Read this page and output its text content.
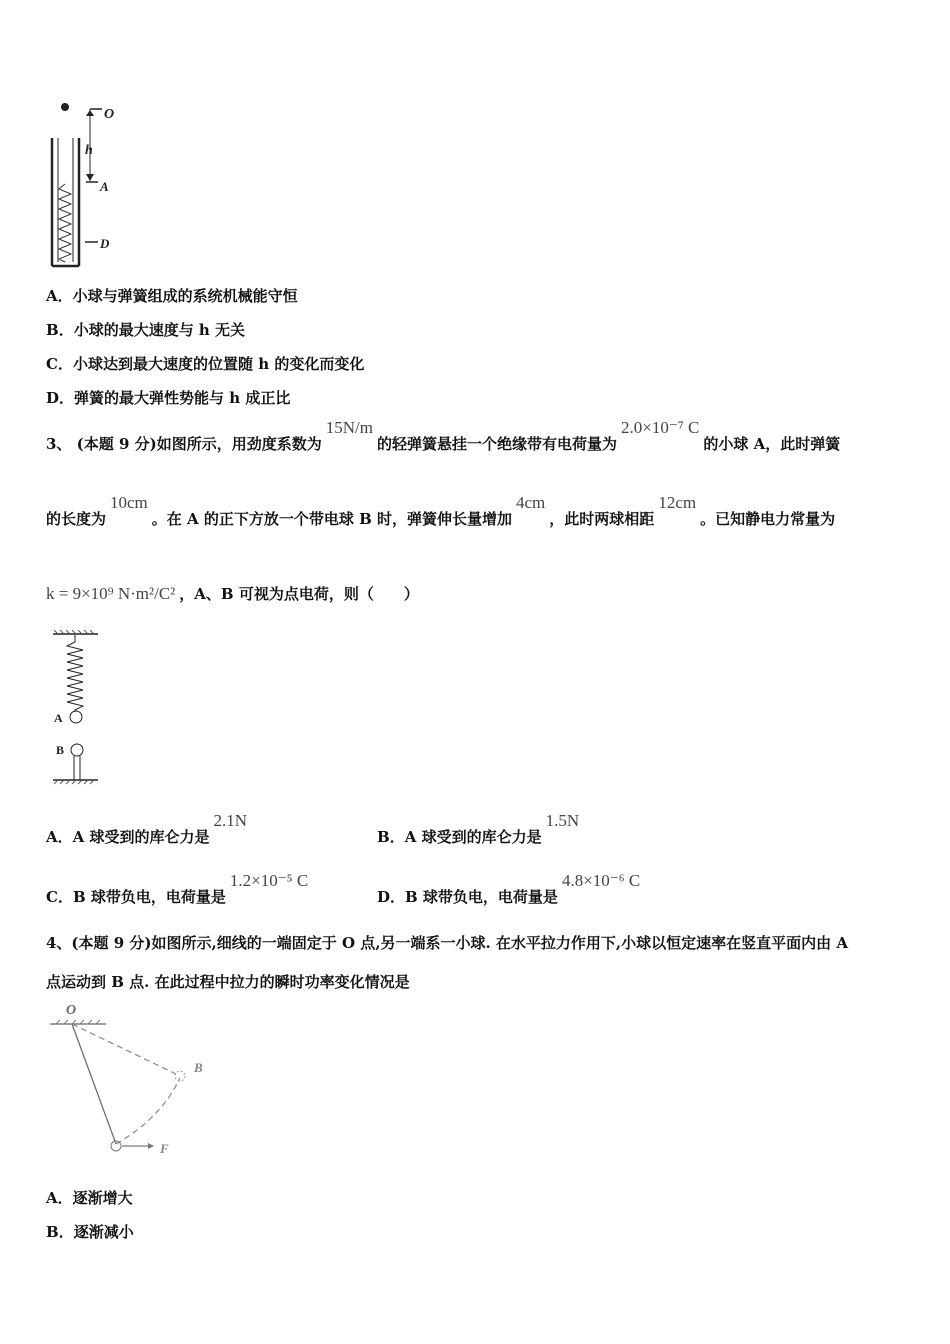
O
h
A
D
A．小球与弹簧组成的系统机械能守恒
B．小球的最大速度与 h 无关
C．小球达到最大速度的位置随 h 的变化而变化
D．弹簧的最大弹性势能与 h 成正比
3、 (本题 9 分)如图所示，用劲度系数为15N/m的轻弹簧悬挂一个绝缘带有电荷量为2.0×10⁻⁷ C的小球 A，此时弹簧
的长度为10cm。在 A 的正下方放一个带电球 B 时，弹簧伸长量增加4cm，此时两球相距12cm。已知静电力常量为
k = 9×10⁹ N·m²/C² ，A、B 可视为点电荷，则（　　）
A
B
A．A 球受到的库仑力是2.1N
B．A 球受到的库仑力是1.5N
C．B 球带负电，电荷量是1.2×10⁻⁵ C
D．B 球带负电，电荷量是4.8×10⁻⁶ C
4、(本题 9 分)如图所示,细线的一端固定于 O 点,另一端系一小球. 在水平拉力作用下,小球以恒定速率在竖直平面内由 A
点运动到 B 点. 在此过程中拉力的瞬时功率变化情况是
O
B
F
A．逐渐增大
B．逐渐减小
